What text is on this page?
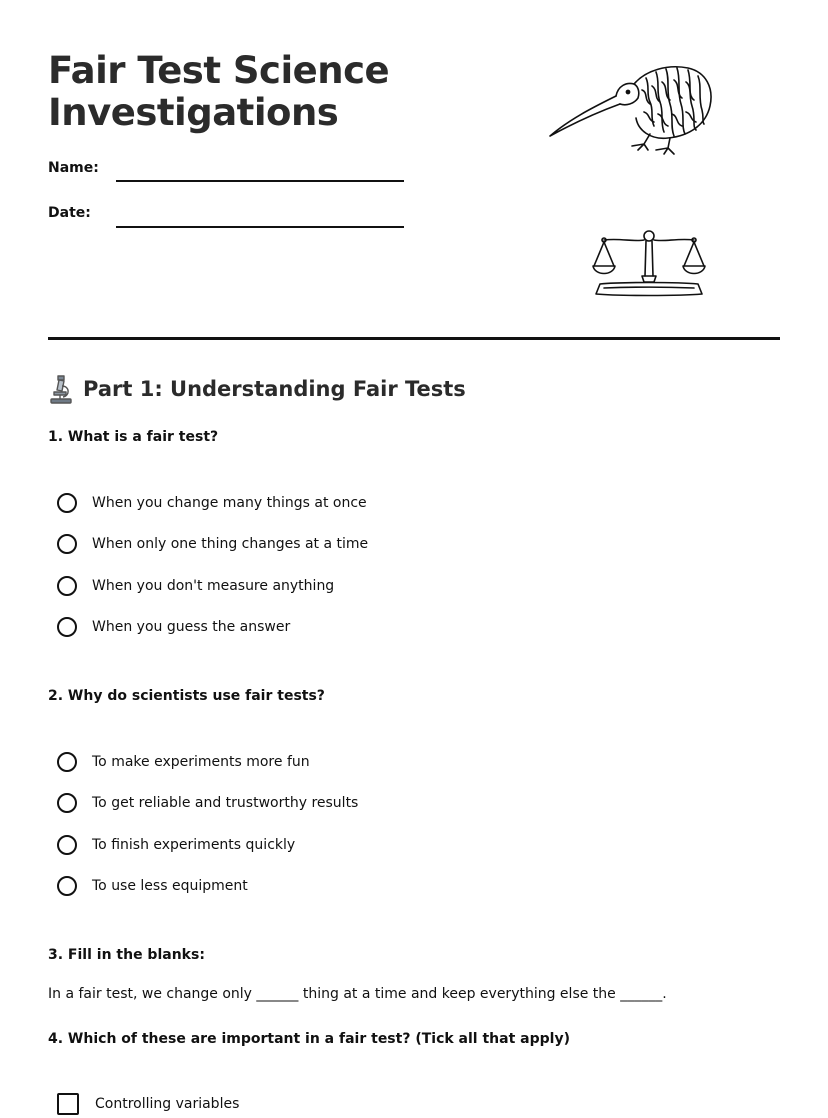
Fair Test Science Investigations
Name:
Date:
Part 1: Understanding Fair Tests
1. What is a fair test?
When you change many things at once
When only one thing changes at a time
When you don't measure anything
When you guess the answer
2. Why do scientists use fair tests?
To make experiments more fun
To get reliable and trustworthy results
To finish experiments quickly
To use less equipment
3. Fill in the blanks:
In a fair test, we change only ______ thing at a time and keep everything else the ______.
4. Which of these are important in a fair test? (Tick all that apply)
Controlling variables
